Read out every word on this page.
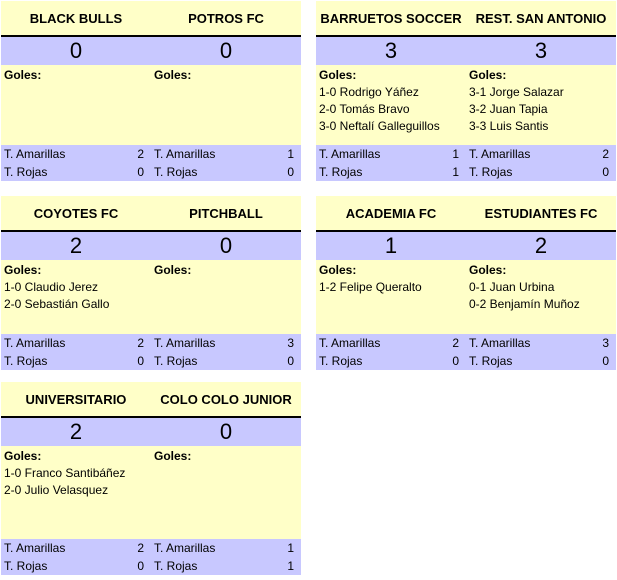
BLACK BULLS	POTROS FC
0	0
Goles:	Goles:
T. Amarillas	2
T. Rojas	0
T. Amarillas	1
T. Rojas	0
BARRUETOS SOCCER	REST. SAN ANTONIO
3	3
Goles:
1-0 Rodrigo Yáñez
2-0 Tomás Bravo
3-0 Neftalí Galleguillos
Goles:
3-1 Jorge Salazar
3-2 Juan Tapia
3-3 Luis Santis
T. Amarillas	1
T. Rojas	1
T. Amarillas	2
T. Rojas	0
COYOTES FC	PITCHBALL
2	0
Goles:
1-0 Claudio Jerez
2-0 Sebastián Gallo
Goles:
T. Amarillas	2
T. Rojas	0
T. Amarillas	3
T. Rojas	0
ACADEMIA FC	ESTUDIANTES FC
1	2
Goles:
1-2 Felipe Queralto
Goles:
0-1 Juan Urbina
0-2 Benjamín Muñoz
T. Amarillas	2
T. Rojas	0
T. Amarillas	3
T. Rojas	0
UNIVERSITARIO	COLO COLO JUNIOR
2	0
Goles:
1-0 Franco Santibáñez
2-0 Julio Velasquez
Goles:
T. Amarillas	2
T. Rojas	0
T. Amarillas	1
T. Rojas	1
